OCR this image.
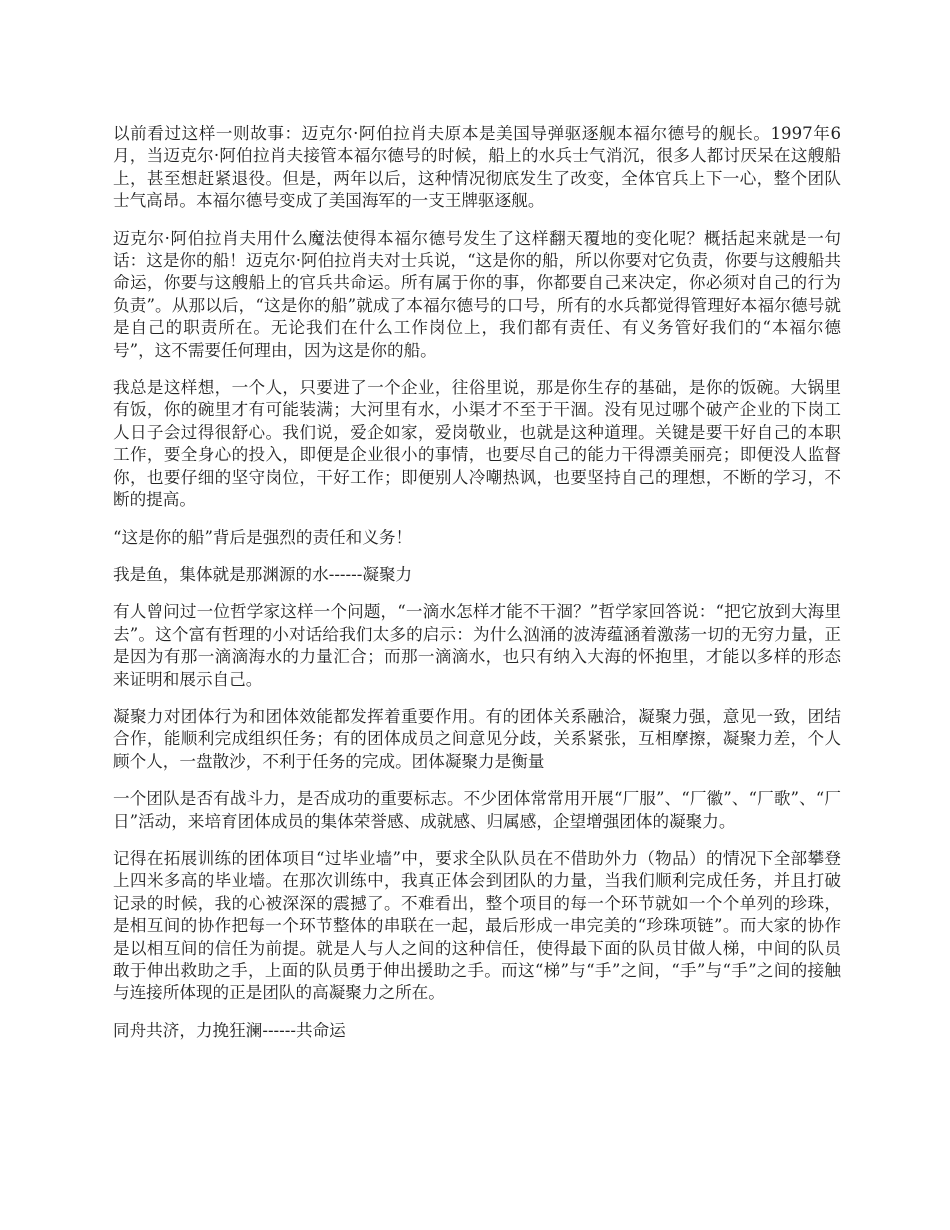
以前看过这样一则故事：迈克尔·阿伯拉肖夫原本是美国导弹驱逐舰本福尔德号的舰长。1997年6月，当迈克尔·阿伯拉肖夫接管本福尔德号的时候，船上的水兵士气消沉，很多人都讨厌呆在这艘船上，甚至想赶紧退役。但是，两年以后，这种情况彻底发生了改变，全体官兵上下一心，整个团队士气高昂。本福尔德号变成了美国海军的一支王牌驱逐舰。

迈克尔·阿伯拉肖夫用什么魔法使得本福尔德号发生了这样翻天覆地的变化呢？概括起来就是一句话：这是你的船！迈克尔·阿伯拉肖夫对士兵说，“这是你的船，所以你要对它负责，你要与这艘船共命运，你要与这艘船上的官兵共命运。所有属于你的事，你都要自己来决定，你必须对自己的行为负责”。从那以后，“这是你的船”就成了本福尔德号的口号，所有的水兵都觉得管理好本福尔德号就是自己的职责所在。无论我们在什么工作岗位上，我们都有责任、有义务管好我们的“本福尔德号”，这不需要任何理由，因为这是你的船。

我总是这样想，一个人，只要进了一个企业，往俗里说，那是你生存的基础，是你的饭碗。大锅里有饭，你的碗里才有可能装满；大河里有水，小渠才不至于干涸。没有见过哪个破产企业的下岗工人日子会过得很舒心。我们说，爱企如家，爱岗敬业，也就是这种道理。关键是要干好自己的本职工作，要全身心的投入，即便是企业很小的事情，也要尽自己的能力干得漂美丽亮；即便没人监督你，也要仔细的坚守岗位，干好工作；即便别人冷嘲热讽，也要坚持自己的理想，不断的学习，不断的提高。

“这是你的船”背后是强烈的责任和义务！

我是鱼，集体就是那渊源的水------凝聚力

有人曾问过一位哲学家这样一个问题，“一滴水怎样才能不干涸？”哲学家回答说：“把它放到大海里去”。这个富有哲理的小对话给我们太多的启示：为什么汹涌的波涛蕴涵着激荡一切的无穷力量，正是因为有那一滴滴海水的力量汇合；而那一滴滴水，也只有纳入大海的怀抱里，才能以多样的形态来证明和展示自己。

凝聚力对团体行为和团体效能都发挥着重要作用。有的团体关系融洽，凝聚力强，意见一致，团结合作，能顺利完成组织任务；有的团体成员之间意见分歧，关系紧张，互相摩擦，凝聚力差，个人顾个人，一盘散沙，不利于任务的完成。团体凝聚力是衡量

一个团队是否有战斗力，是否成功的重要标志。不少团体常常用开展“厂服”、“厂徽”、“厂歌”、“厂日”活动，来培育团体成员的集体荣誉感、成就感、归属感，企望增强团体的凝聚力。

记得在拓展训练的团体项目“过毕业墙”中，要求全队队员在不借助外力（物品）的情况下全部攀登上四米多高的毕业墙。在那次训练中，我真正体会到团队的力量，当我们顺利完成任务，并且打破记录的时候，我的心被深深的震撼了。不难看出，整个项目的每一个环节就如一个个单列的珍珠，是相互间的协作把每一个环节整体的串联在一起，最后形成一串完美的“珍珠项链”。而大家的协作是以相互间的信任为前提。就是人与人之间的这种信任，使得最下面的队员甘做人梯，中间的队员敢于伸出救助之手，上面的队员勇于伸出援助之手。而这“梯”与“手”之间，“手”与“手”之间的接触与连接所体现的正是团队的高凝聚力之所在。

同舟共济，力挽狂澜------共命运
